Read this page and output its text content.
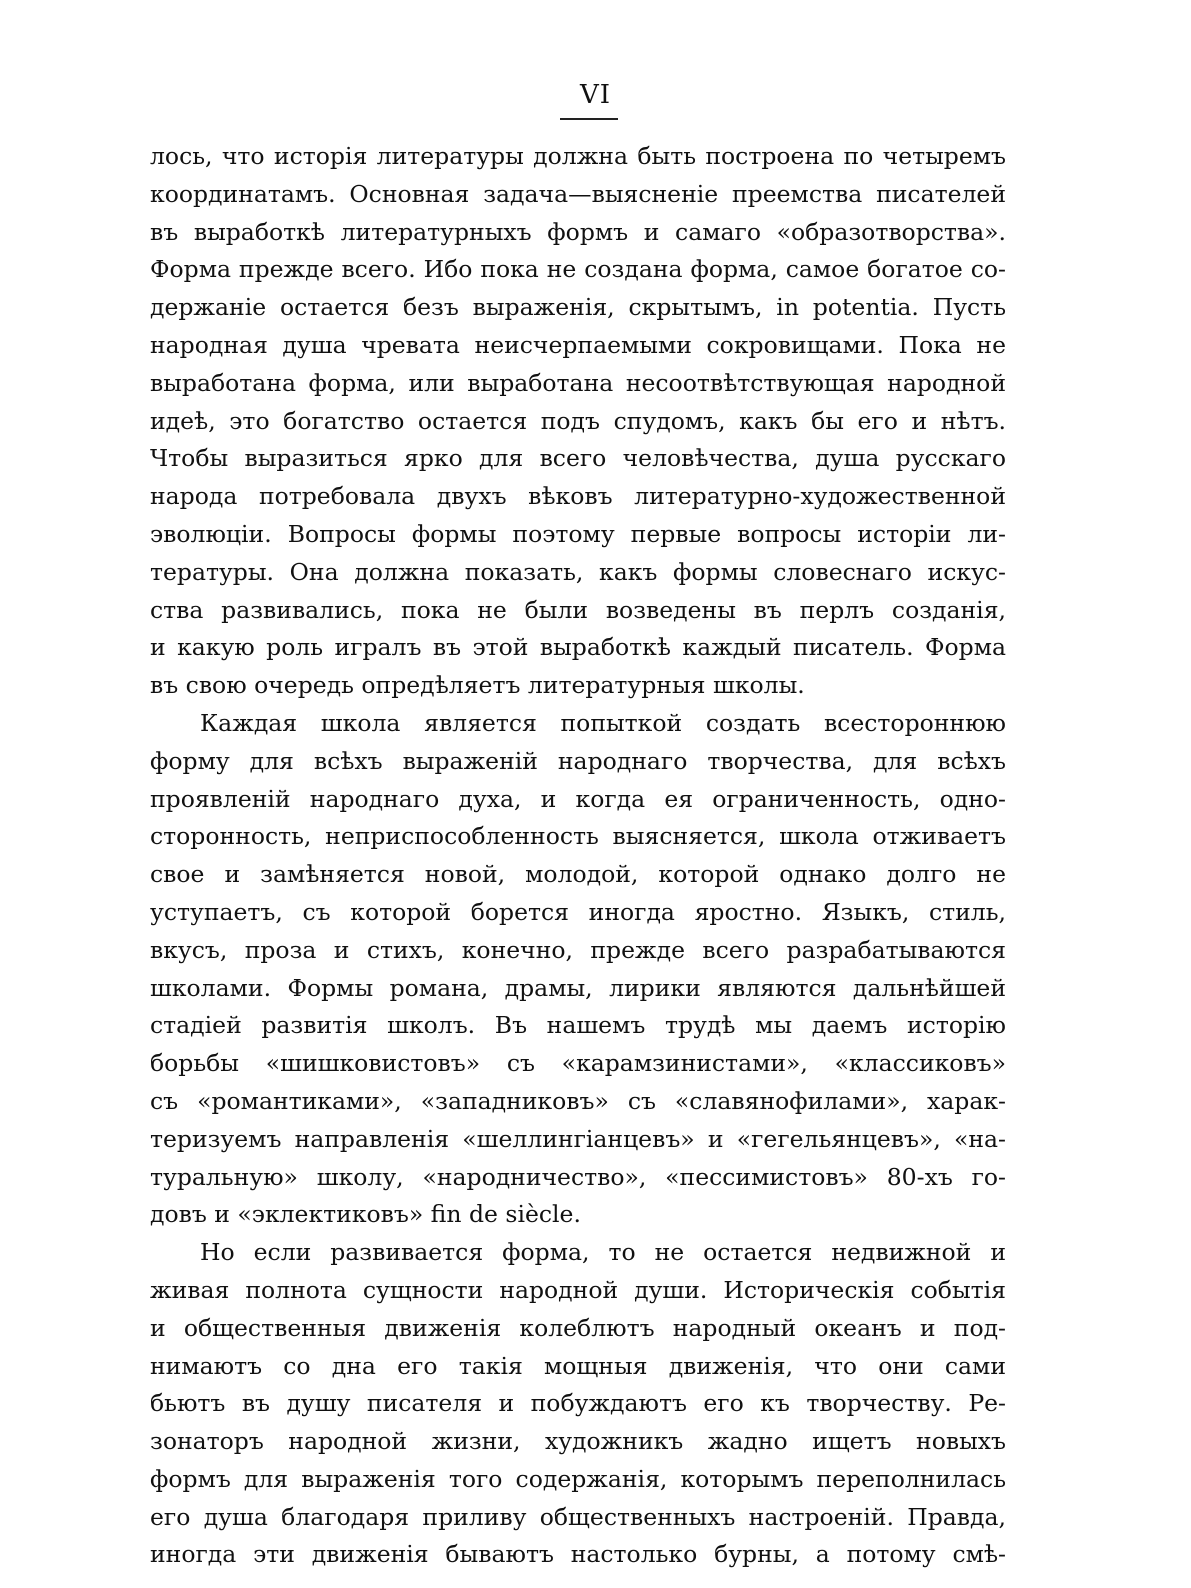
VI
лось, что исторія литературы должна быть построена по четыремъ
координатамъ. Основная задача—выясненіе преемства писателей
въ выработкѣ литературныхъ формъ и самаго «образотворства».
Форма прежде всего. Ибо пока не создана форма, самое богатое со-
держаніе остается безъ выраженія, скрытымъ, in potentia. Пусть
народная душа чревата неисчерпаемыми сокровищами. Пока не
выработана форма, или выработана несоотвѣтствующая народной
идеѣ, это богатство остается подъ спудомъ, какъ бы его и нѣтъ.
Чтобы выразиться ярко для всего человѣчества, душа русскаго
народа потребовала двухъ вѣковъ литературно-художественной
эволюціи. Вопросы формы поэтому первые вопросы исторіи ли-
тературы. Она должна показать, какъ формы словеснаго искус-
ства развивались, пока не были возведены въ перлъ созданія,
и какую роль игралъ въ этой выработкѣ каждый писатель. Форма
въ свою очередь опредѣляетъ литературныя школы.
Каждая школа является попыткой создать всестороннюю
форму для всѣхъ выраженій народнаго творчества, для всѣхъ
проявленій народнаго духа, и когда ея ограниченность, одно-
сторонность, неприспособленность выясняется, школа отживаетъ
свое и замѣняется новой, молодой, которой однако долго не
уступаетъ, съ которой борется иногда яростно. Языкъ, стиль,
вкусъ, проза и стихъ, конечно, прежде всего разрабатываются
школами. Формы романа, драмы, лирики являются дальнѣйшей
стадіей развитія школъ. Въ нашемъ трудѣ мы даемъ исторію
борьбы «шишковистовъ» съ «карамзинистами», «классиковъ»
съ «романтиками», «западниковъ» съ «славянофилами», харак-
теризуемъ направленія «шеллингіанцевъ» и «гегельянцевъ», «на-
туральную» школу, «народничество», «пессимистовъ» 80-хъ го-
довъ и «эклектиковъ» fin de siècle.
Но если развивается форма, то не остается недвижной и
живая полнота сущности народной души. Историческія событія
и общественныя движенія колеблютъ народный океанъ и под-
нимаютъ со дна его такія мощныя движенія, что они сами
бьютъ въ душу писателя и побуждаютъ его къ творчеству. Ре-
зонаторъ народной жизни, художникъ жадно ищетъ новыхъ
формъ для выраженія того содержанія, которымъ переполнилась
его душа благодаря приливу общественныхъ настроеній. Правда,
иногда эти движенія бываютъ настолько бурны, а потому смѣ-
